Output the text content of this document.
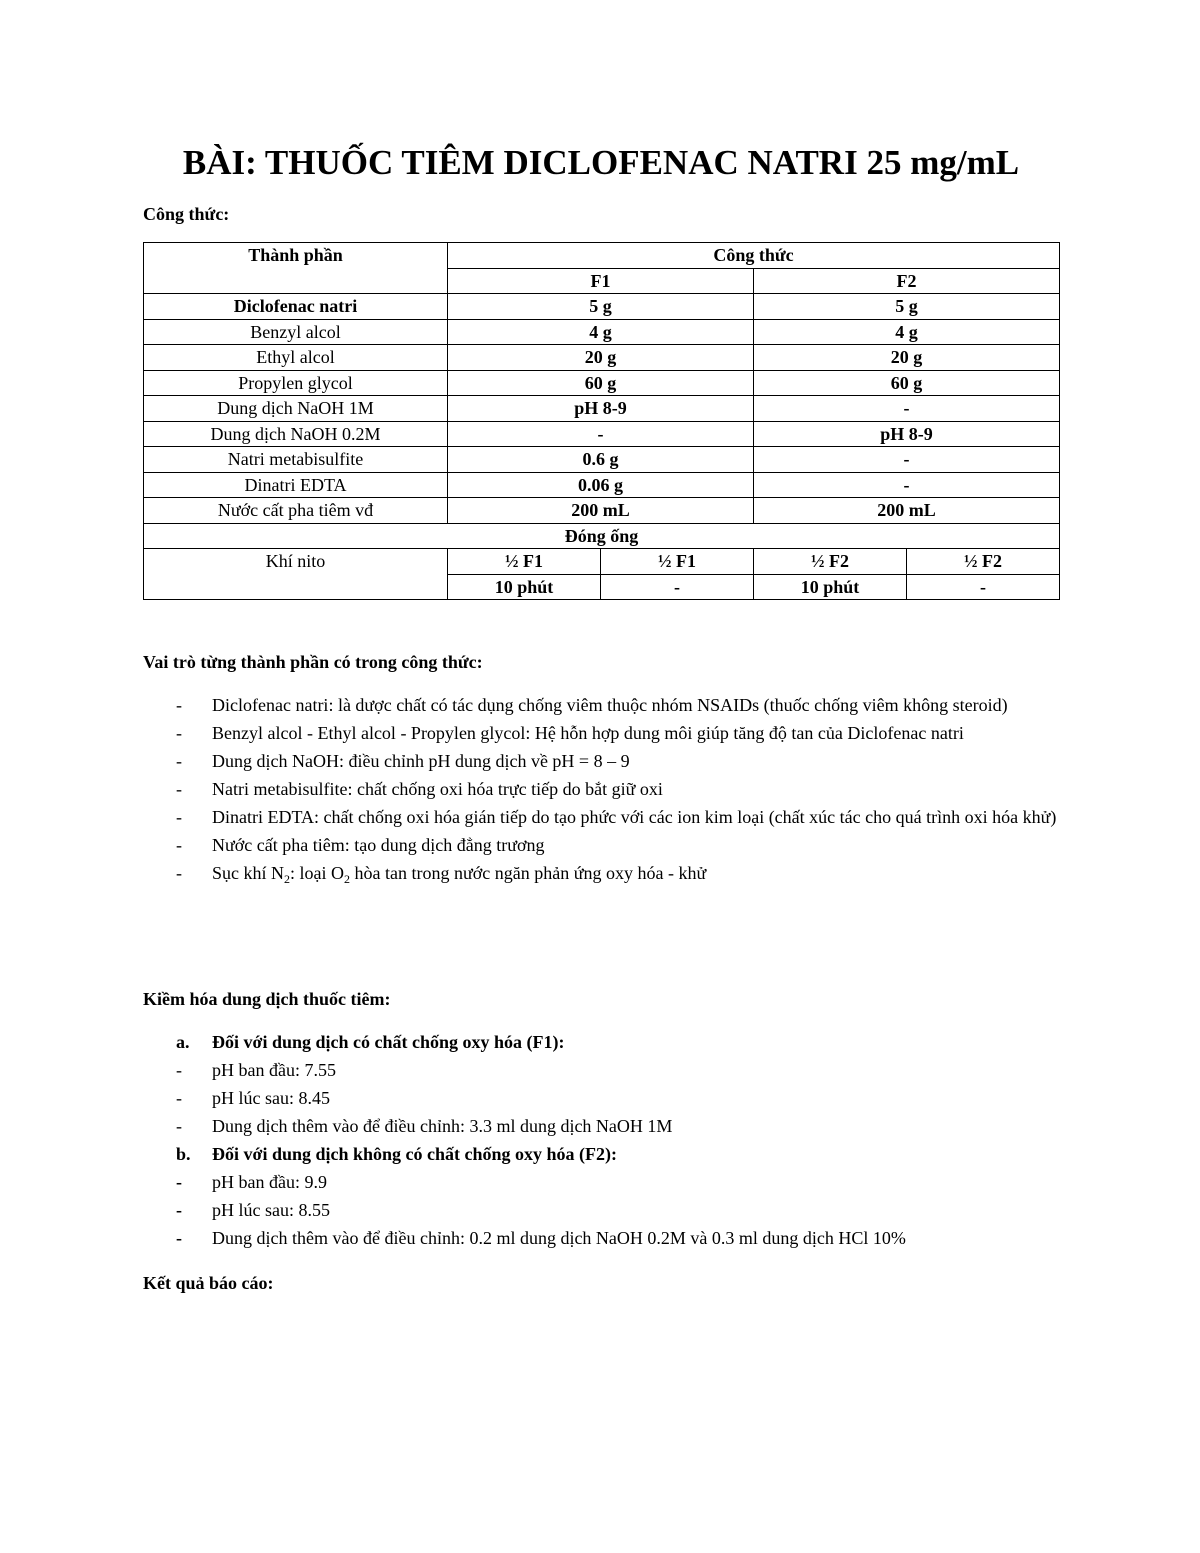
BÀI: THUỐC TIÊM DICLOFENAC NATRI 25 mg/mL

Công thức:

Thành phần	Công thức			
	F1		F2	
Diclofenac natri	5 g		5 g	
Benzyl alcol	4 g		4 g	
Ethyl alcol	20 g		20 g	
Propylen glycol	60 g		60 g	
Dung dịch NaOH 1M	pH 8-9		-	
Dung dịch NaOH 0.2M	-		pH 8-9	
Natri metabisulfite	0.6 g		-	
Dinatri EDTA	0.06 g		-	
Nước cất pha tiêm vđ	200 mL		200 mL	
Đóng ống				
Khí nito	½ F1	½ F1	½ F2	½ F2
	10 phút	-	10 phút	-

Vai trò từng thành phần có trong công thức:

- Diclofenac natri: là dược chất có tác dụng chống viêm thuộc nhóm NSAIDs (thuốc chống viêm không steroid)
- Benzyl alcol - Ethyl alcol - Propylen glycol: Hệ hỗn hợp dung môi giúp tăng độ tan của Diclofenac natri
- Dung dịch NaOH: điều chỉnh pH dung dịch về pH = 8 – 9
- Natri metabisulfite: chất chống oxi hóa trực tiếp do bắt giữ oxi
- Dinatri EDTA: chất chống oxi hóa gián tiếp do tạo phức với các ion kim loại (chất xúc tác cho quá trình oxi hóa khử)
- Nước cất pha tiêm: tạo dung dịch đẳng trương
- Sục khí $N_2$: loại $O_2$ hòa tan trong nước ngăn phản ứng oxy hóa - khử

Kiềm hóa dung dịch thuốc tiêm:

a. Đối với dung dịch có chất chống oxy hóa (F1):
- pH ban đầu: 7.55
- pH lúc sau: 8.45
- Dung dịch thêm vào để điều chỉnh: 3.3 ml dung dịch NaOH 1M
b. Đối với dung dịch không có chất chống oxy hóa (F2):
- pH ban đầu: 9.9
- pH lúc sau: 8.55
- Dung dịch thêm vào để điều chỉnh: 0.2 ml dung dịch NaOH 0.2M và 0.3 ml dung dịch HCl 10%

Kết quả báo cáo:
